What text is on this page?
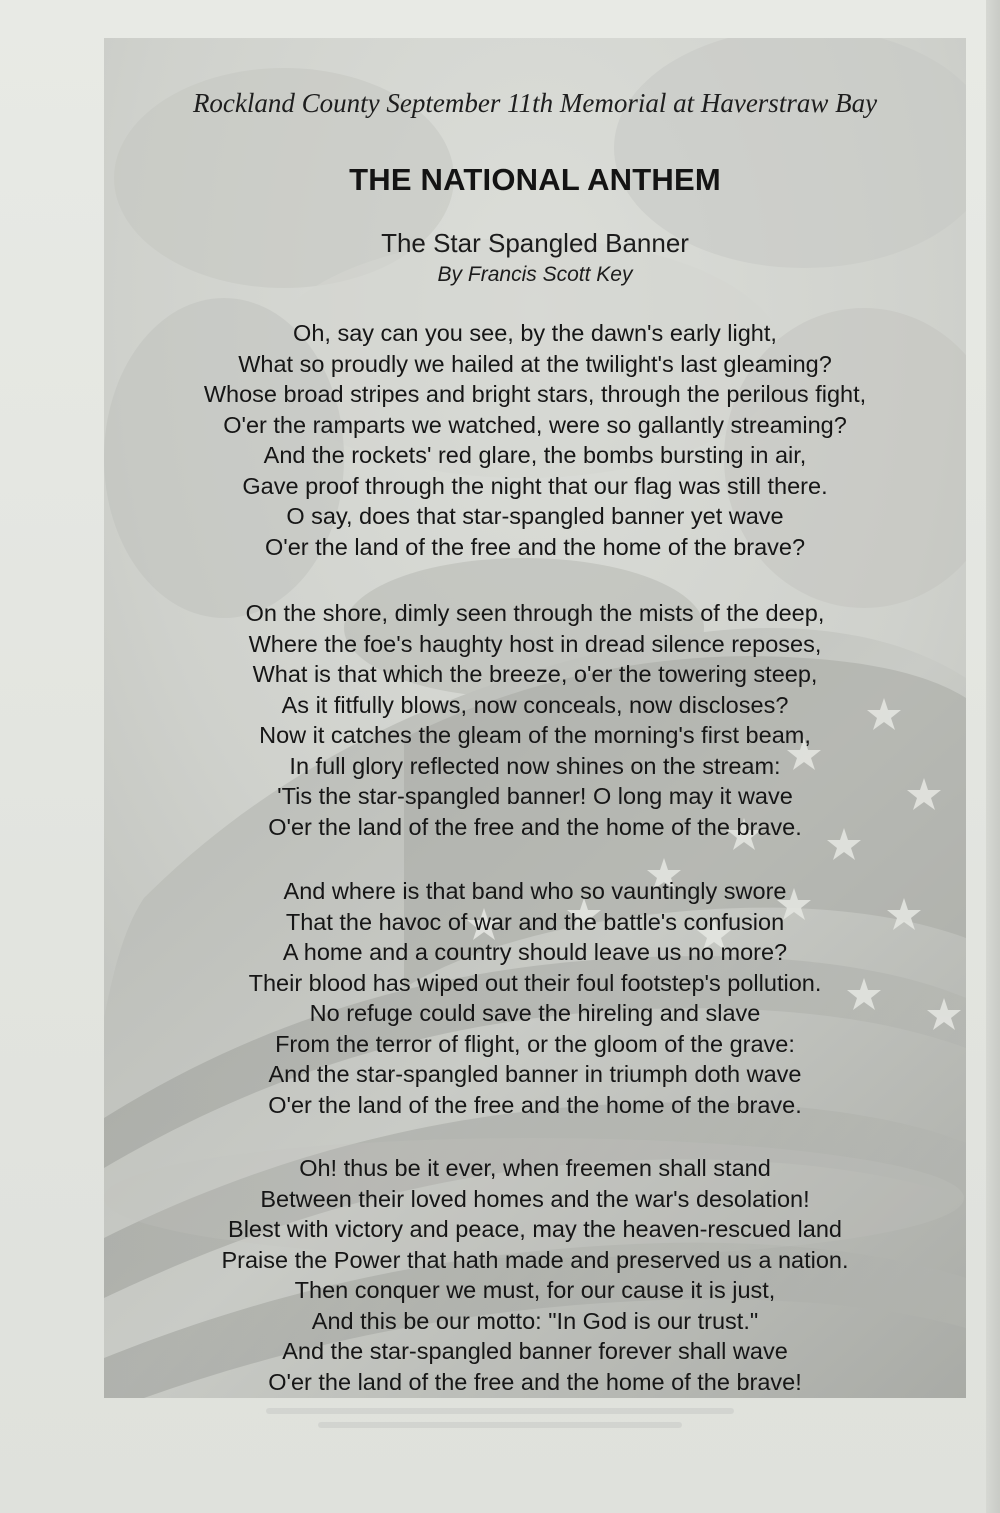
Rockland County September 11th Memorial at Haverstraw Bay
THE NATIONAL ANTHEM
The Star Spangled Banner
By Francis Scott Key
Oh, say can you see, by the dawn's early light,
What so proudly we hailed at the twilight's last gleaming?
Whose broad stripes and bright stars, through the perilous fight,
O'er the ramparts we watched, were so gallantly streaming?
And the rockets' red glare, the bombs bursting in air,
Gave proof through the night that our flag was still there.
O say, does that star-spangled banner yet wave
O'er the land of the free and the home of the brave?
On the shore, dimly seen through the mists of the deep,
Where the foe's haughty host in dread silence reposes,
What is that which the breeze, o'er the towering steep,
As it fitfully blows, now conceals, now discloses?
Now it catches the gleam of the morning's first beam,
In full glory reflected now shines on the stream:
'Tis the star-spangled banner! O long may it wave
O'er the land of the free and the home of the brave.
And where is that band who so vauntingly swore
That the havoc of war and the battle's confusion
A home and a country should leave us no more?
Their blood has wiped out their foul footstep's pollution.
No refuge could save the hireling and slave
From the terror of flight, or the gloom of the grave:
And the star-spangled banner in triumph doth wave
O'er the land of the free and the home of the brave.
Oh! thus be it ever, when freemen shall stand
Between their loved homes and the war's desolation!
Blest with victory and peace, may the heaven-rescued land
Praise the Power that hath made and preserved us a nation.
Then conquer we must, for our cause it is just,
And this be our motto: "In God is our trust."
And the star-spangled banner forever shall wave
O'er the land of the free and the home of the brave!
